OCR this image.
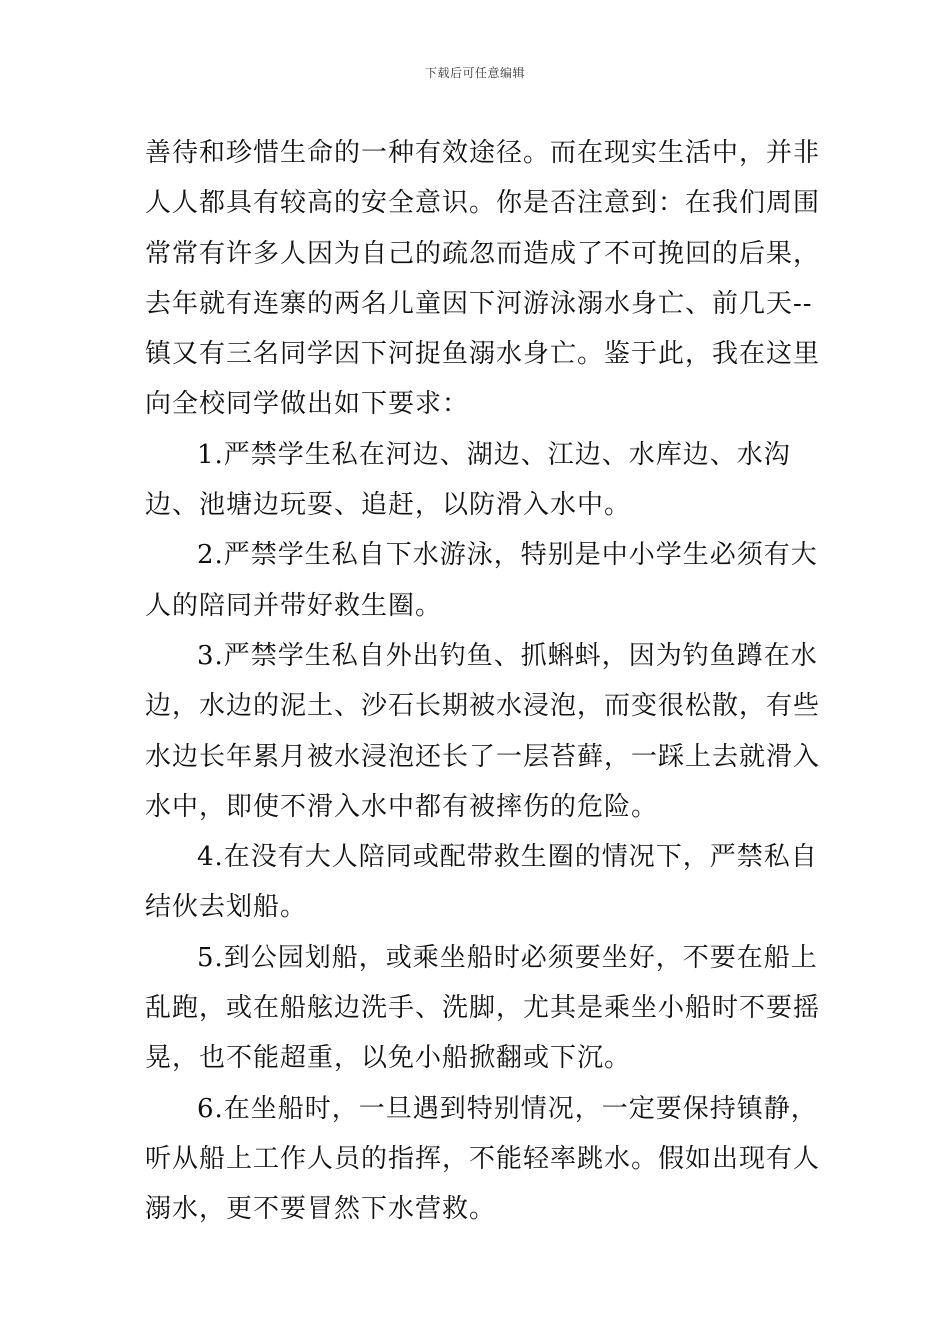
下载后可任意编辑

善待和珍惜生命的一种有效途径。而在现实生活中，并非人人都具有较高的安全意识。你是否注意到：在我们周围常常有许多人因为自己的疏忽而造成了不可挽回的后果，去年就有连寨的两名儿童因下河游泳溺水身亡、前几天--镇又有三名同学因下河捉鱼溺水身亡。鉴于此，我在这里向全校同学做出如下要求：

1.严禁学生私在河边、湖边、江边、水库边、水沟边、池塘边玩耍、追赶，以防滑入水中。

2.严禁学生私自下水游泳，特别是中小学生必须有大人的陪同并带好救生圈。

3.严禁学生私自外出钓鱼、抓蝌蚪，因为钓鱼蹲在水边，水边的泥土、沙石长期被水浸泡，而变很松散，有些水边长年累月被水浸泡还长了一层苔藓，一踩上去就滑入水中，即使不滑入水中都有被摔伤的危险。

4.在没有大人陪同或配带救生圈的情况下，严禁私自结伙去划船。

5.到公园划船，或乘坐船时必须要坐好，不要在船上乱跑，或在船舷边洗手、洗脚，尤其是乘坐小船时不要摇晃，也不能超重，以免小船掀翻或下沉。

6.在坐船时，一旦遇到特别情况，一定要保持镇静，听从船上工作人员的指挥，不能轻率跳水。假如出现有人溺水，更不要冒然下水营救。
